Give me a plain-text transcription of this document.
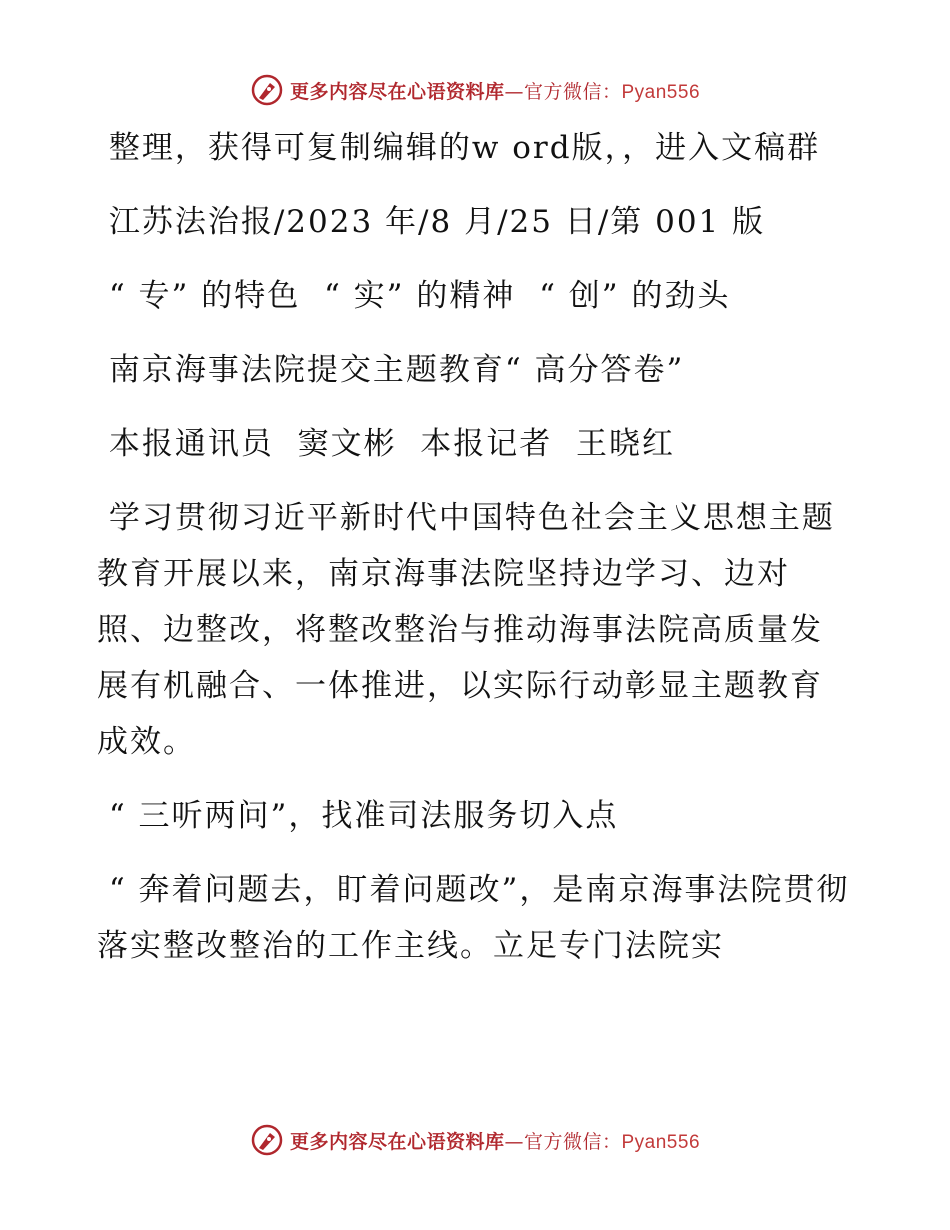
更多内容尽在心语资料库—官方微信：Pyan556

整理，获得可复制编辑的w ord版，，进入文稿群

江苏法治报/2023 年/8 月/25 日/第 001 版

“ 专” 的特色  “ 实” 的精神  “ 创” 的劲头

南京海事法院提交主题教育“ 高分答卷”

本报通讯员  窦文彬  本报记者  王晓红

学习贯彻习近平新时代中国特色社会主义思想主题教育开展以来，南京海事法院坚持边学习、边对照、边整改，将整改整治与推动海事法院高质量发展有机融合、一体推进，以实际行动彰显主题教育成效。

“ 三听两问”，找准司法服务切入点

“ 奔着问题去，盯着问题改”，是南京海事法院贯彻落实整改整治的工作主线。立足专门法院实

更多内容尽在心语资料库—官方微信：Pyan556
